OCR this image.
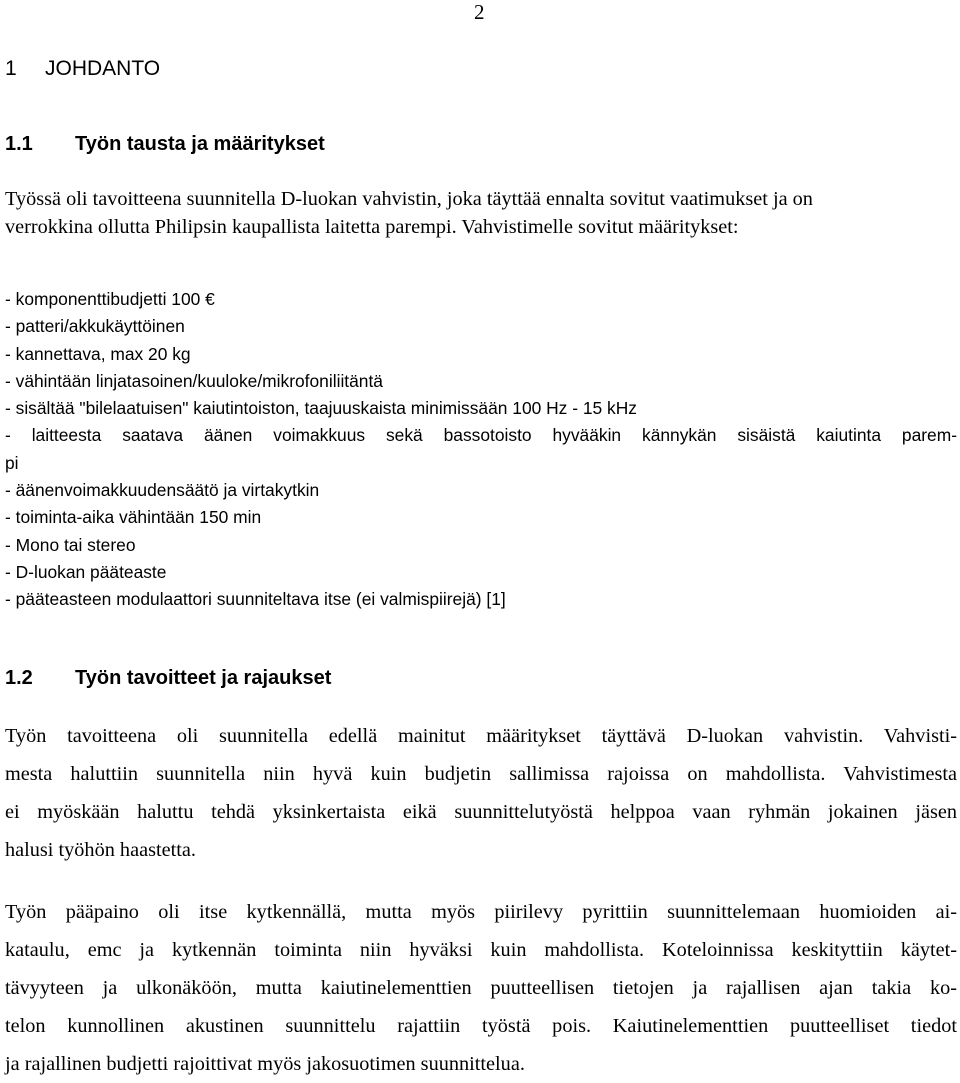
2
1 JOHDANTO
1.1 Työn tausta ja määritykset
Työssä oli tavoitteena suunnitella D-luokan vahvistin, joka täyttää ennalta sovitut vaatimukset ja on
verrokkina ollutta Philipsin kaupallista laitetta parempi. Vahvistimelle sovitut määritykset:
- komponenttibudjetti 100 €
- patteri/akkukäyttöinen
- kannettava, max 20 kg
- vähintään linjatasoinen/kuuloke/mikrofoniliitäntä
- sisältää "bilelaatuisen" kaiutintoiston, taajuuskaista minimissään 100 Hz - 15 kHz
- laitteesta saatava äänen voimakkuus sekä bassotoisto hyvääkin kännykän sisäistä kaiutinta parem-
pi
- äänenvoimakkuudensäätö ja virtakytkin
- toiminta-aika vähintään 150 min
- Mono tai stereo
- D-luokan pääteaste
- pääteasteen modulaattori suunniteltava itse (ei valmispiirejä) [1]
1.2 Työn tavoitteet ja rajaukset
Työn tavoitteena oli suunnitella edellä mainitut määritykset täyttävä D-luokan vahvistin. Vahvisti-
mesta haluttiin suunnitella niin hyvä kuin budjetin sallimissa rajoissa on mahdollista. Vahvistimesta
ei myöskään haluttu tehdä yksinkertaista eikä suunnittelutyöstä helppoa vaan ryhmän jokainen jäsen
halusi työhön haastetta.
Työn pääpaino oli itse kytkennällä, mutta myös piirilevy pyrittiin suunnittelemaan huomioiden ai-
kataulu, emc ja kytkennän toiminta niin hyväksi kuin mahdollista. Koteloinnissa keskityttiin käytet-
tävyyteen ja ulkonäköön, mutta kaiutinelementtien puutteellisen tietojen ja rajallisen ajan takia ko-
telon kunnollinen akustinen suunnittelu rajattiin työstä pois. Kaiutinelementtien puutteelliset tiedot
ja rajallinen budjetti rajoittivat myös jakosuotimen suunnittelua.
